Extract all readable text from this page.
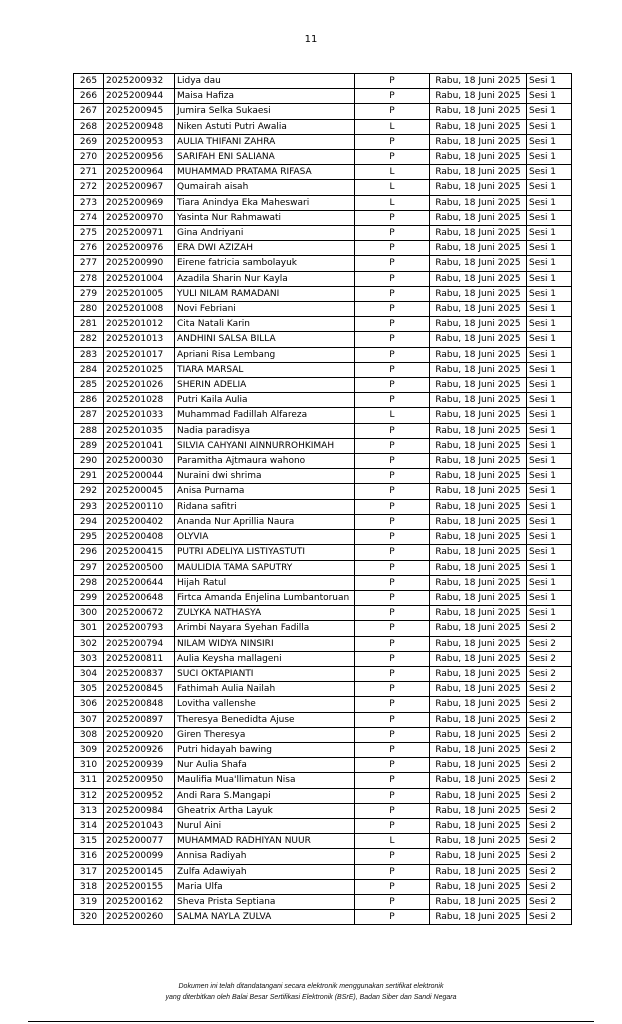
11
265	2025200932	Lidya dau	P	Rabu, 18 Juni 2025	Sesi 1
266	2025200944	Maisa Hafiza	P	Rabu, 18 Juni 2025	Sesi 1
267	2025200945	Jumira Selka Sukaesi	P	Rabu, 18 Juni 2025	Sesi 1
268	2025200948	Niken Astuti Putri Awalia	L	Rabu, 18 Juni 2025	Sesi 1
269	2025200953	AULIA THIFANI ZAHRA	P	Rabu, 18 Juni 2025	Sesi 1
270	2025200956	SARIFAH ENI SALIANA	P	Rabu, 18 Juni 2025	Sesi 1
271	2025200964	MUHAMMAD PRATAMA RIFASA	L	Rabu, 18 Juni 2025	Sesi 1
272	2025200967	Qumairah aisah	L	Rabu, 18 Juni 2025	Sesi 1
273	2025200969	Tiara Anindya Eka Maheswari	L	Rabu, 18 Juni 2025	Sesi 1
274	2025200970	Yasinta Nur Rahmawati	P	Rabu, 18 Juni 2025	Sesi 1
275	2025200971	Gina Andriyani	P	Rabu, 18 Juni 2025	Sesi 1
276	2025200976	ERA DWI AZIZAH	P	Rabu, 18 Juni 2025	Sesi 1
277	2025200990	Eirene fatricia sambolayuk	P	Rabu, 18 Juni 2025	Sesi 1
278	2025201004	Azadila Sharin Nur Kayla	P	Rabu, 18 Juni 2025	Sesi 1
279	2025201005	YULI NILAM RAMADANI	P	Rabu, 18 Juni 2025	Sesi 1
280	2025201008	Novi Febriani	P	Rabu, 18 Juni 2025	Sesi 1
281	2025201012	Cita Natali Karin	P	Rabu, 18 Juni 2025	Sesi 1
282	2025201013	ANDHINI SALSA BILLA	P	Rabu, 18 Juni 2025	Sesi 1
283	2025201017	Apriani Risa Lembang	P	Rabu, 18 Juni 2025	Sesi 1
284	2025201025	TIARA MARSAL	P	Rabu, 18 Juni 2025	Sesi 1
285	2025201026	SHERIN ADELIA	P	Rabu, 18 Juni 2025	Sesi 1
286	2025201028	Putri Kaila Aulia	P	Rabu, 18 Juni 2025	Sesi 1
287	2025201033	Muhammad Fadillah Alfareza	L	Rabu, 18 Juni 2025	Sesi 1
288	2025201035	Nadia paradisya	P	Rabu, 18 Juni 2025	Sesi 1
289	2025201041	SILVIA CAHYANI AINNURROHKIMAH	P	Rabu, 18 Juni 2025	Sesi 1
290	2025200030	Paramitha Ajtmaura wahono	P	Rabu, 18 Juni 2025	Sesi 1
291	2025200044	Nuraini dwi shrima	P	Rabu, 18 Juni 2025	Sesi 1
292	2025200045	Anisa Purnama	P	Rabu, 18 Juni 2025	Sesi 1
293	2025200110	Ridana safitri	P	Rabu, 18 Juni 2025	Sesi 1
294	2025200402	Ananda Nur Aprillia Naura	P	Rabu, 18 Juni 2025	Sesi 1
295	2025200408	OLYVIA	P	Rabu, 18 Juni 2025	Sesi 1
296	2025200415	PUTRI ADELIYA LISTIYASTUTI	P	Rabu, 18 Juni 2025	Sesi 1
297	2025200500	MAULIDIA TAMA SAPUTRY	P	Rabu, 18 Juni 2025	Sesi 1
298	2025200644	Hijah Ratul	P	Rabu, 18 Juni 2025	Sesi 1
299	2025200648	Firtca Amanda Enjelina Lumbantoruan	P	Rabu, 18 Juni 2025	Sesi 1
300	2025200672	ZULYKA NATHASYA	P	Rabu, 18 Juni 2025	Sesi 1
301	2025200793	Arimbi Nayara Syehan Fadilla	P	Rabu, 18 Juni 2025	Sesi 2
302	2025200794	NILAM WIDYA NINSIRI	P	Rabu, 18 Juni 2025	Sesi 2
303	2025200811	Aulia Keysha mallageni	P	Rabu, 18 Juni 2025	Sesi 2
304	2025200837	SUCI OKTAPIANTI	P	Rabu, 18 Juni 2025	Sesi 2
305	2025200845	Fathimah Aulia Nailah	P	Rabu, 18 Juni 2025	Sesi 2
306	2025200848	Lovitha vallenshe	P	Rabu, 18 Juni 2025	Sesi 2
307	2025200897	Theresya Benedidta Ajuse	P	Rabu, 18 Juni 2025	Sesi 2
308	2025200920	Giren Theresya	P	Rabu, 18 Juni 2025	Sesi 2
309	2025200926	Putri hidayah bawing	P	Rabu, 18 Juni 2025	Sesi 2
310	2025200939	Nur Aulia Shafa	P	Rabu, 18 Juni 2025	Sesi 2
311	2025200950	Maulifia Mua'llimatun Nisa	P	Rabu, 18 Juni 2025	Sesi 2
312	2025200952	Andi Rara S.Mangapi	P	Rabu, 18 Juni 2025	Sesi 2
313	2025200984	Gheatrix Artha Layuk	P	Rabu, 18 Juni 2025	Sesi 2
314	2025201043	Nurul Aini	P	Rabu, 18 Juni 2025	Sesi 2
315	2025200077	MUHAMMAD RADHIYAN NUUR	L	Rabu, 18 Juni 2025	Sesi 2
316	2025200099	Annisa Radiyah	P	Rabu, 18 Juni 2025	Sesi 2
317	2025200145	Zulfa Adawiyah	P	Rabu, 18 Juni 2025	Sesi 2
318	2025200155	Maria Ulfa	P	Rabu, 18 Juni 2025	Sesi 2
319	2025200162	Sheva Prista Septiana	P	Rabu, 18 Juni 2025	Sesi 2
320	2025200260	SALMA NAYLA ZULVA	P	Rabu, 18 Juni 2025	Sesi 2
Dokumen ini telah ditandatangani secara elektronik menggunakan sertifikat elektronik
yang diterbitkan oleh Balai Besar Sertifikasi Elektronik (BSrE), Badan Siber dan Sandi Negara
